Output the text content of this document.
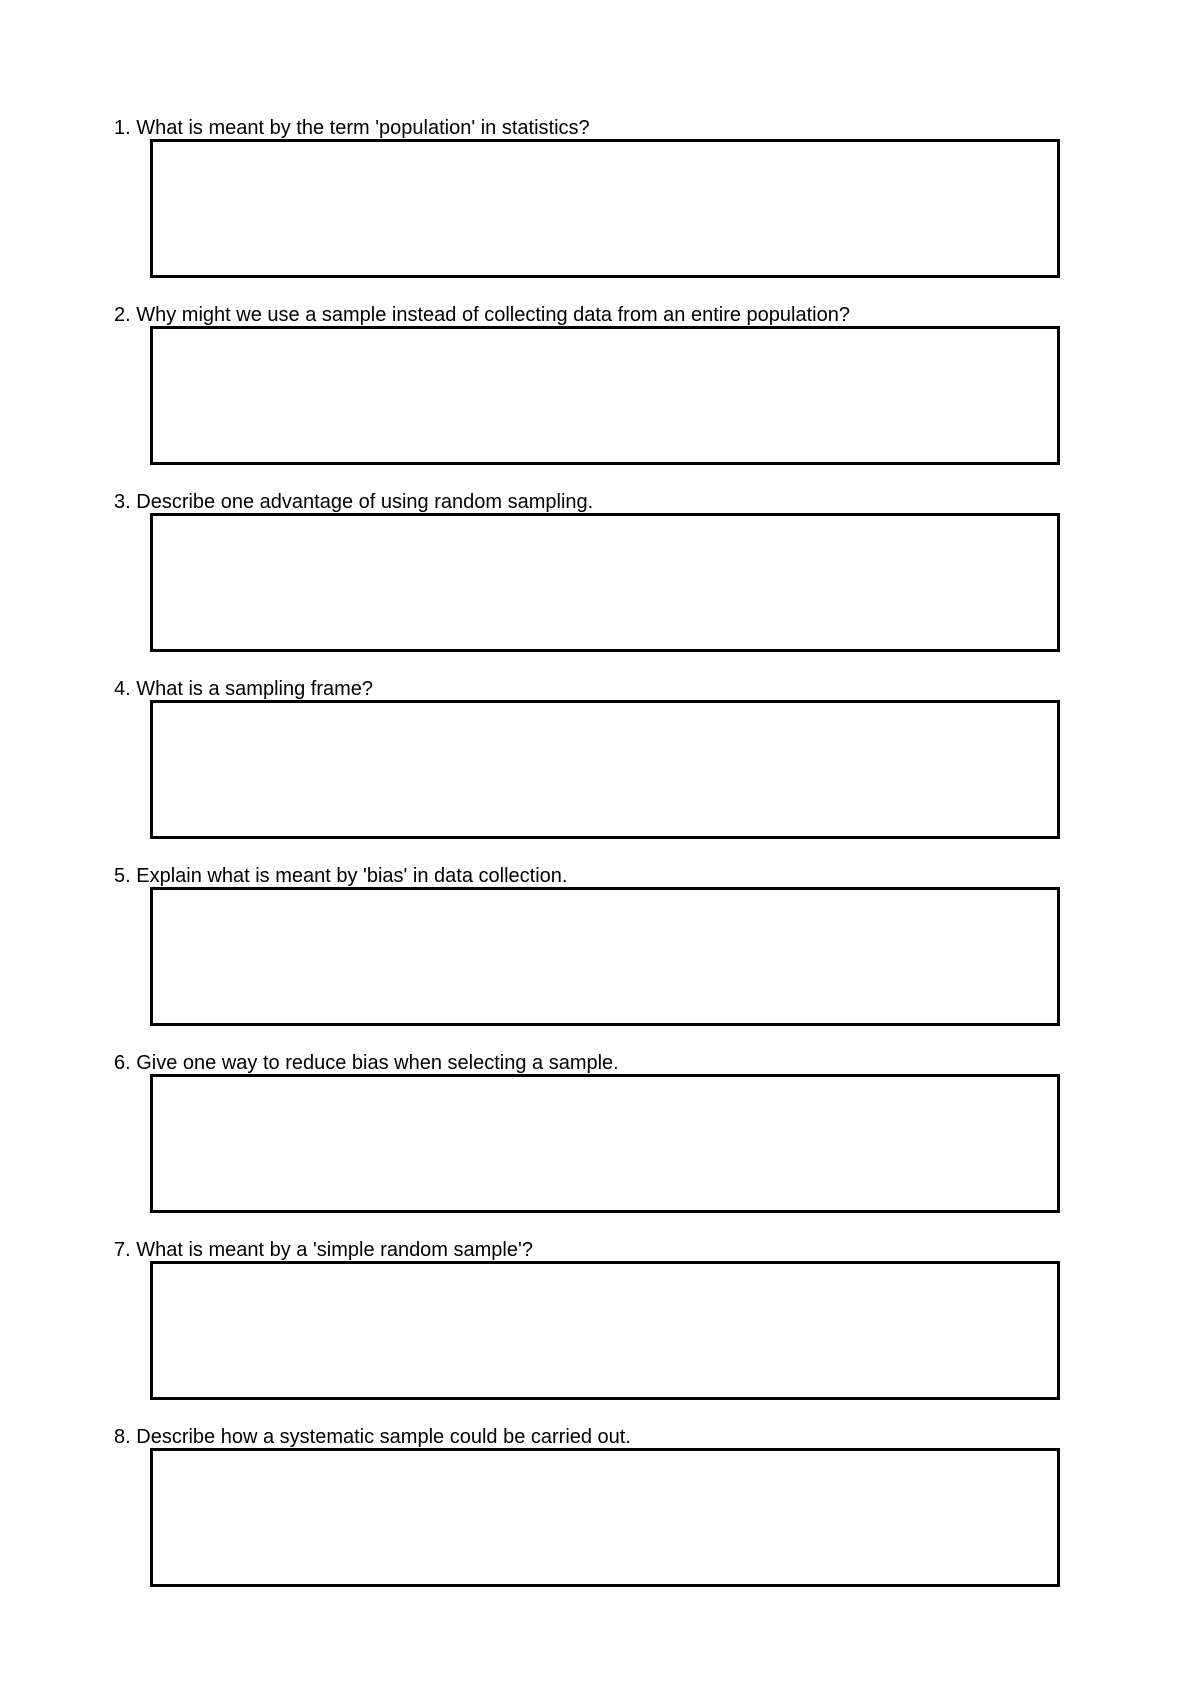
1. What is meant by the term 'population' in statistics?
2. Why might we use a sample instead of collecting data from an entire population?
3. Describe one advantage of using random sampling.
4. What is a sampling frame?
5. Explain what is meant by 'bias' in data collection.
6. Give one way to reduce bias when selecting a sample.
7. What is meant by a 'simple random sample'?
8. Describe how a systematic sample could be carried out.
